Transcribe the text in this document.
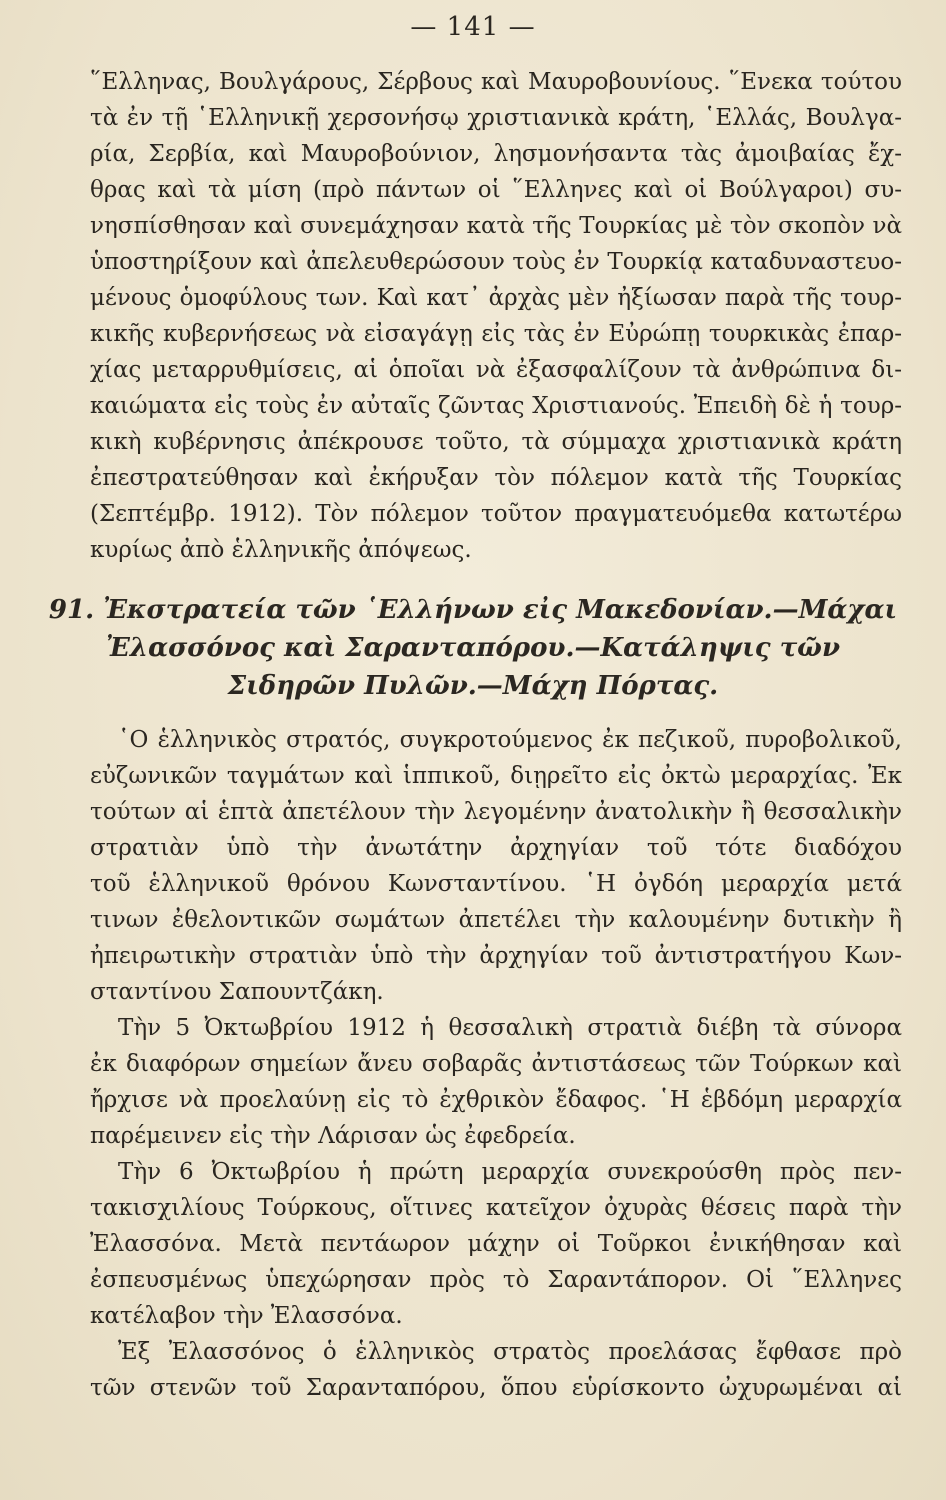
— 141 —
῞Ελληνας, Βουλγάρους, Σέρβους καὶ Μαυροβουνίους. ῞Ενεκα τούτου
τὰ ἐν τῇ ῾Ελληνικῇ χερσονήσῳ χριστιανικὰ κράτη, ῾Ελλάς, Βουλγα-
ρία, Σερβία, καὶ Μαυροβούνιον, λησμονήσαντα τὰς ἀμοιβαίας ἔχ-
θρας καὶ τὰ μίση (πρὸ πάντων οἱ ῞Ελληνες καὶ οἱ Βούλγαροι) συ-
νησπίσθησαν καὶ συνεμάχησαν κατὰ τῆς Τουρκίας μὲ τὸν σκοπὸν νὰ
ὑποστηρίξουν καὶ ἀπελευθερώσουν τοὺς ἐν Τουρκίᾳ καταδυναστευο-
μένους ὁμοφύλους των. Καὶ κατ᾽ ἀρχὰς μὲν ἠξίωσαν παρὰ τῆς τουρ-
κικῆς κυβερνήσεως νὰ εἰσαγάγῃ εἰς τὰς ἐν Εὐρώπῃ τουρκικὰς ἐπαρ-
χίας μεταρρυθμίσεις, αἱ ὁποῖαι νὰ ἐξασφαλίζουν τὰ ἀνθρώπινα δι-
καιώματα εἰς τοὺς ἐν αὐταῖς ζῶντας Χριστιανούς. Ἐπειδὴ δὲ ἡ τουρ-
κικὴ κυβέρνησις ἀπέκρουσε τοῦτο, τὰ σύμμαχα χριστιανικὰ κράτη
ἐπεστρατεύθησαν καὶ ἐκήρυξαν τὸν πόλεμον κατὰ τῆς Τουρκίας
(Σεπτέμβρ. 1912). Τὸν πόλεμον τοῦτον πραγματευόμεθα κατωτέρω
κυρίως ἀπὸ ἑλληνικῆς ἀπόψεως.
91. Ἐκστρατεία τῶν ῾Ελλήνων εἰς Μακεδονίαν.—Μάχαι
Ἐλασσόνος καὶ Σαρανταπόρου.—Κατάληψις τῶν
Σιδηρῶν Πυλῶν.—Μάχη Πόρτας.
῾Ο ἑλληνικὸς στρατός, συγκροτούμενος ἐκ πεζικοῦ, πυροβολικοῦ,
εὐζωνικῶν ταγμάτων καὶ ἱππικοῦ, διῃρεῖτο εἰς ὀκτὼ μεραρχίας. Ἐκ
τούτων αἱ ἑπτὰ ἀπετέλουν τὴν λεγομένην ἀνατολικὴν ἢ θεσσαλικὴν
στρατιὰν ὑπὸ τὴν ἀνωτάτην ἀρχηγίαν τοῦ τότε διαδόχου
τοῦ ἑλληνικοῦ θρόνου Κωνσταντίνου. ῾Η ὀγδόη μεραρχία μετά
τινων ἐθελοντικῶν σωμάτων ἀπετέλει τὴν καλουμένην δυτικὴν ἢ
ἠπειρωτικὴν στρατιὰν ὑπὸ τὴν ἀρχηγίαν τοῦ ἀντιστρατήγου Κων-
σταντίνου Σαπουντζάκη.
Τὴν 5 Ὀκτωβρίου 1912 ἡ θεσσαλικὴ στρατιὰ διέβη τὰ σύνορα
ἐκ διαφόρων σημείων ἄνευ σοβαρᾶς ἀντιστάσεως τῶν Τούρκων καὶ
ἤρχισε νὰ προελαύνῃ εἰς τὸ ἐχθρικὸν ἔδαφος. ῾Η ἑβδόμη μεραρχία
παρέμεινεν εἰς τὴν Λάρισαν ὡς ἐφεδρεία.
Τὴν 6 Ὀκτωβρίου ἡ πρώτη μεραρχία συνεκρούσθη πρὸς πεν-
τακισχιλίους Τούρκους, οἵτινες κατεῖχον ὀχυρὰς θέσεις παρὰ τὴν
Ἐλασσόνα. Μετὰ πεντάωρον μάχην οἱ Τοῦρκοι ἐνικήθησαν καὶ
ἐσπευσμένως ὑπεχώρησαν πρὸς τὸ Σαραντάπορον. Οἱ ῞Ελληνες
κατέλαβον τὴν Ἐλασσόνα.
Ἐξ Ἐλασσόνος ὁ ἑλληνικὸς στρατὸς προελάσας ἔφθασε πρὸ
τῶν στενῶν τοῦ Σαρανταπόρου, ὅπου εὑρίσκοντο ὠχυρωμέναι αἱ
